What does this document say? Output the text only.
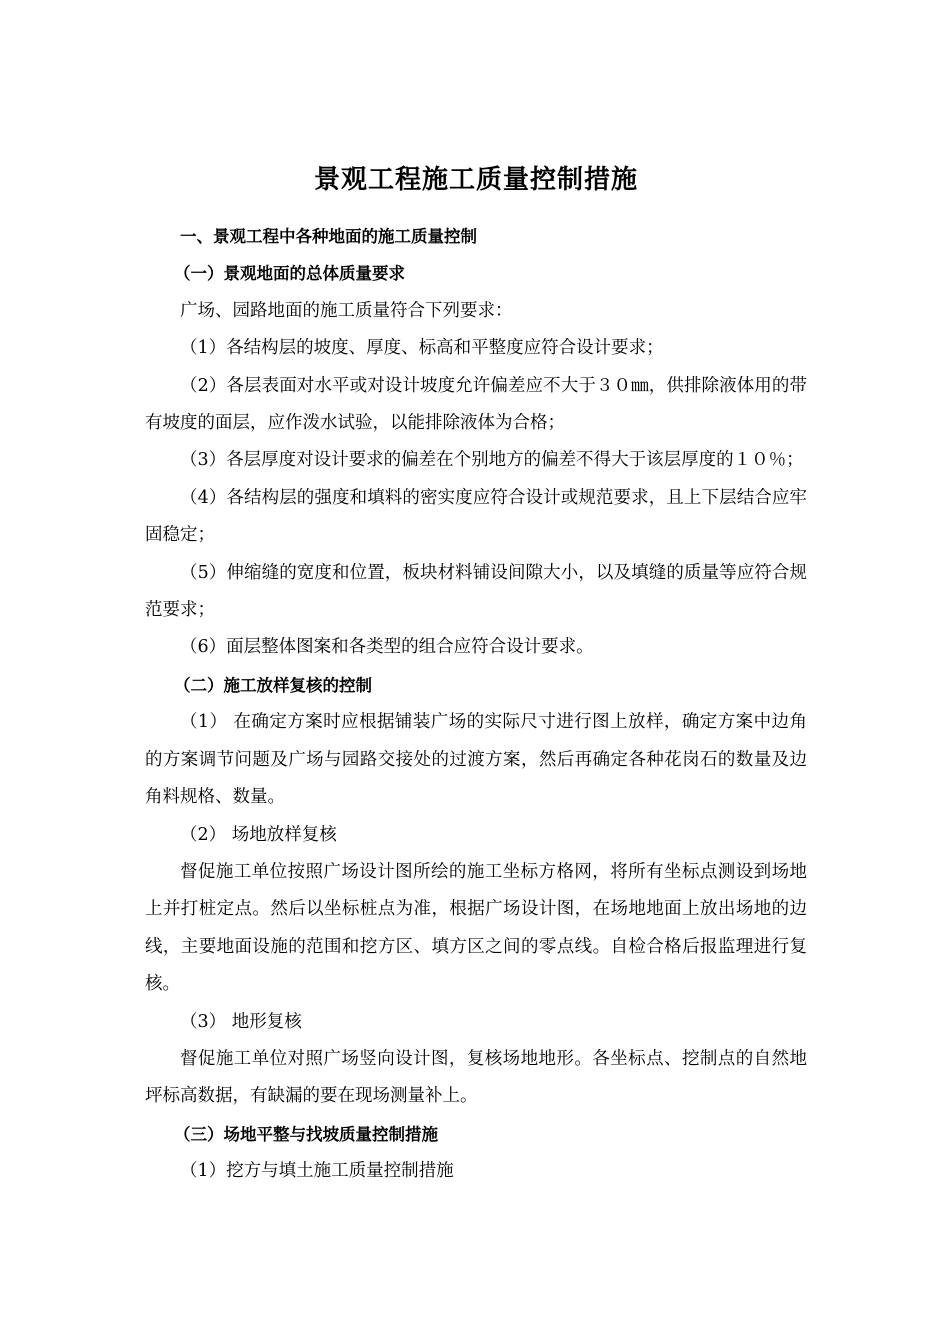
景观工程施工质量控制措施

一、景观工程中各种地面的施工质量控制

（一）景观地面的总体质量要求

广场、园路地面的施工质量符合下列要求：

（1）各结构层的坡度、厚度、标高和平整度应符合设计要求；

（2）各层表面对水平或对设计坡度允许偏差应不大于３０㎜，供排除液体用的带有坡度的面层，应作泼水试验，以能排除液体为合格；

（3）各层厚度对设计要求的偏差在个别地方的偏差不得大于该层厚度的１０％；

（4）各结构层的强度和填料的密实度应符合设计或规范要求，且上下层结合应牢固稳定；

（5）伸缩缝的宽度和位置，板块材料铺设间隙大小，以及填缝的质量等应符合规范要求；

（6）面层整体图案和各类型的组合应符合设计要求。

（二）施工放样复核的控制

（1） 在确定方案时应根据铺装广场的实际尺寸进行图上放样，确定方案中边角的方案调节问题及广场与园路交接处的过渡方案，然后再确定各种花岗石的数量及边角料规格、数量。

（2） 场地放样复核

督促施工单位按照广场设计图所绘的施工坐标方格网，将所有坐标点测设到场地上并打桩定点。然后以坐标桩点为准，根据广场设计图，在场地地面上放出场地的边线，主要地面设施的范围和挖方区、填方区之间的零点线。自检合格后报监理进行复核。

（3） 地形复核

督促施工单位对照广场竖向设计图，复核场地地形。各坐标点、挖制点的自然地坪标高数据，有缺漏的要在现场测量补上。

（三）场地平整与找坡质量控制措施

（1）挖方与填土施工质量控制措施
